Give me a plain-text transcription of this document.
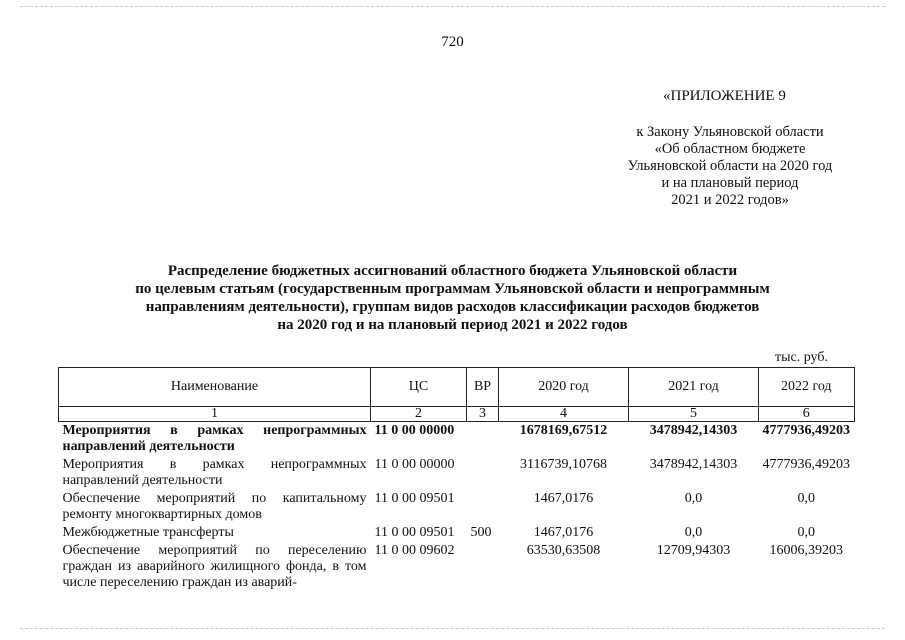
720
«ПРИЛОЖЕНИЕ 9
к Закону Ульяновской области
«Об областном бюджете
Ульяновской области на 2020 год
и на плановый период
2021 и 2022 годов»
Распределение бюджетных ассигнований областного бюджета Ульяновской области
по целевым статьям (государственным программам Ульяновской области и непрограммным
направлениям деятельности), группам видов расходов классификации расходов бюджетов
на 2020 год и на плановый период 2021 и 2022 годов
тыс. руб.
Наименование	ЦС	ВР	2020 год	2021 год	2022 год
1	2	3	4	5	6
Мероприятия в рамках непрограммных направлений деятельности	11 0 00 00000		1678169,67512	3478942,14303	4777936,49203
Мероприятия в рамках непрограммных направлений деятельности	11 0 00 00000		3116739,10768	3478942,14303	4777936,49203
Обеспечение мероприятий по капитальному ремонту многоквартирных домов	11 0 00 09501		1467,0176	0,0	0,0
Межбюджетные трансферты	11 0 00 09501	500	1467,0176	0,0	0,0
Обеспечение мероприятий по переселению граждан из аварийного жилищного фонда, в том числе переселению граждан из аварий-	11 0 00 09602		63530,63508	12709,94303	16006,39203
